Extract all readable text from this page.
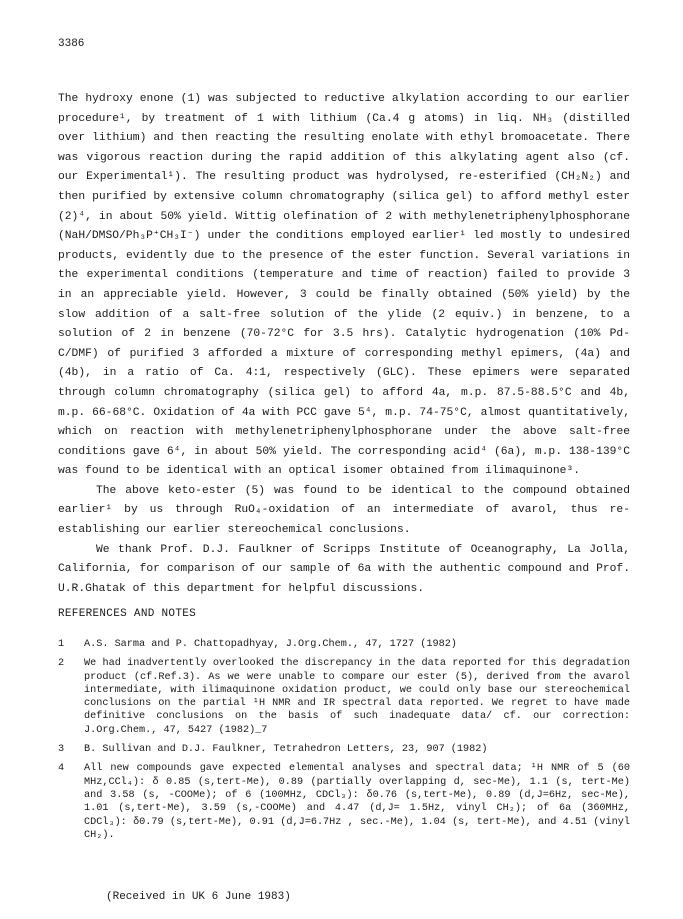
3386

The hydroxy enone (1) was subjected to reductive alkylation according to our earlier procedure¹, by treatment of 1 with lithium (Ca.4 g atoms) in liq. NH₃ (distilled over lithium) and then reacting the resulting enolate with ethyl bromoacetate. There was vigorous reaction during the rapid addition of this alkylating agent also (cf. our Experimental¹). The resulting product was hydrolysed, re-esterified (CH₂N₂) and then purified by extensive column chromatography (silica gel) to afford methyl ester (2)⁴, in about 50% yield. Wittig olefination of 2 with methylenetriphenylphosphorane (NaH/DMSO/Ph₃P⁺CH₃I⁻) under the conditions employed earlier¹ led mostly to undesired products, evidently due to the presence of the ester function. Several variations in the experimental conditions (temperature and time of reaction) failed to provide 3 in an appreciable yield. However, 3 could be finally obtained (50% yield) by the slow addition of a salt-free solution of the ylide (2 equiv.) in benzene, to a solution of 2 in benzene (70-72°C for 3.5 hrs). Catalytic hydrogenation (10% Pd-C/DMF) of purified 3 afforded a mixture of corresponding methyl epimers, (4a) and (4b), in a ratio of Ca. 4:1, respectively (GLC). These epimers were separated through column chromatography (silica gel) to afford 4a, m.p. 87.5-88.5°C and 4b, m.p. 66-68°C. Oxidation of 4a with PCC gave 5⁴, m.p. 74-75°C, almost quantitatively, which on reaction with methylenetriphenylphosphorane under the above salt-free conditions gave 6⁴, in about 50% yield. The corresponding acid⁴ (6a), m.p. 138-139°C was found to be identical with an optical isomer obtained from ilimaquinone³.

The above keto-ester (5) was found to be identical to the compound obtained earlier¹ by us through RuO₄-oxidation of an intermediate of avarol, thus re-establishing our earlier stereochemical conclusions.

We thank Prof. D.J. Faulkner of Scripps Institute of Oceanography, La Jolla, California, for comparison of our sample of 6a with the authentic compound and Prof. U.R.Ghatak of this department for helpful discussions.

REFERENCES AND NOTES
1	A.S. Sarma and P. Chattopadhyay, J.Org.Chem., 47, 1727 (1982)
2	We had inadvertently overlooked the discrepancy in the data reported for this degradation product (cf.Ref.3). As we were unable to compare our ester (5), derived from the avarol intermediate, with ilimaquinone oxidation product, we could only base our stereochemical conclusions on the partial ¹H NMR and IR spectral data reported. We regret to have made definitive conclusions on the basis of such inadequate data/ cf. our correction: J.Org.Chem., 47, 5427 (1982)_7
3	B. Sullivan and D.J. Faulkner, Tetrahedron Letters, 23, 907 (1982)
4	All new compounds gave expected elemental analyses and spectral data; ¹H NMR of 5 (60 MHz,CCl₄): δ 0.85 (s,tert-Me), 0.89 (partially overlapping d, sec-Me), 1.1 (s, tert-Me) and 3.58 (s, -COOMe); of 6 (100MHz, CDCl₃): δ0.76 (s,tert-Me), 0.89 (d,J=6Hz, sec-Me), 1.01 (s,tert-Me), 3.59 (s,-COOMe) and 4.47 (d,J= 1.5Hz, vinyl CH₂); of 6a (360MHz, CDCl₃): δ0.79 (s,tert-Me), 0.91 (d,J=6.7Hz , sec.-Me), 1.04 (s, tert-Me), and 4.51 (vinyl CH₂).
(Received in UK 6 June 1983)
